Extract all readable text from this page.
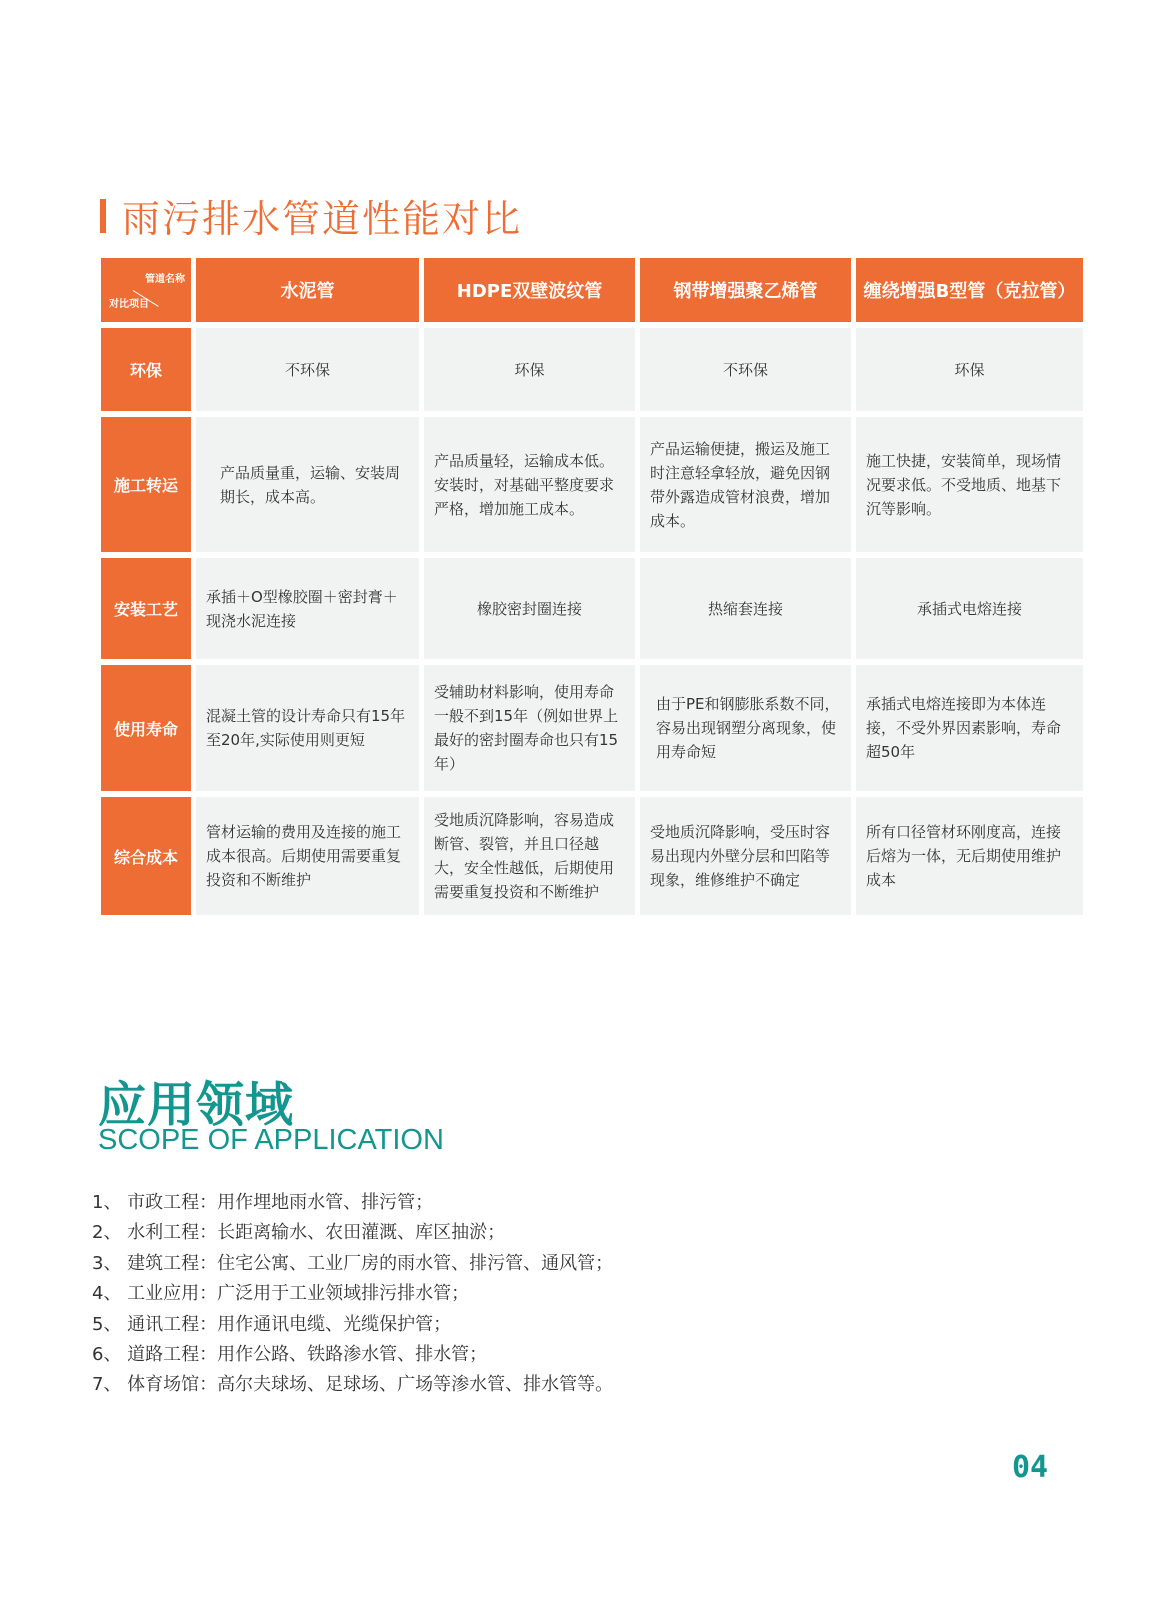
雨污排水管道性能对比
管道名称
对比项目	水泥管	HDPE双壁波纹管	钢带增强聚乙烯管	缠绕增强B型管（克拉管）
环保	不环保	环保	不环保	环保
施工转运	产品质量重，运输、安装周期长，成本高。	产品质量轻，运输成本低。安装时，对基础平整度要求严格，增加施工成本。	产品运输便捷，搬运及施工时注意轻拿轻放，避免因钢带外露造成管材浪费，增加成本。	施工快捷，安装简单，现场情况要求低。不受地质、地基下沉等影响。
安装工艺	承插＋O型橡胶圈＋密封膏＋现浇水泥连接	橡胶密封圈连接	热缩套连接	承插式电熔连接
使用寿命	混凝土管的设计寿命只有15年至20年,实际使用则更短	受辅助材料影响，使用寿命一般不到15年（例如世界上最好的密封圈寿命也只有15年）	由于PE和钢膨胀系数不同，容易出现钢塑分离现象，使用寿命短	承插式电熔连接即为本体连接，不受外界因素影响，寿命超50年
综合成本	管材运输的费用及连接的施工成本很高。后期使用需要重复投资和不断维护	受地质沉降影响，容易造成断管、裂管，并且口径越大，安全性越低，后期使用需要重复投资和不断维护	受地质沉降影响，受压时容易出现内外壁分层和凹陷等现象，维修维护不确定	所有口径管材环刚度高，连接后熔为一体，无后期使用维护成本
应用领域
SCOPE OF APPLICATION
1、 市政工程：用作埋地雨水管、排污管；
2、 水利工程：长距离输水、农田灌溉、库区抽淤；
3、 建筑工程：住宅公寓、工业厂房的雨水管、排污管、通风管；
4、 工业应用：广泛用于工业领域排污排水管；
5、 通讯工程：用作通讯电缆、光缆保护管；
6、 道路工程：用作公路、铁路渗水管、排水管；
7、 体育场馆：高尔夫球场、足球场、广场等渗水管、排水管等。
04
